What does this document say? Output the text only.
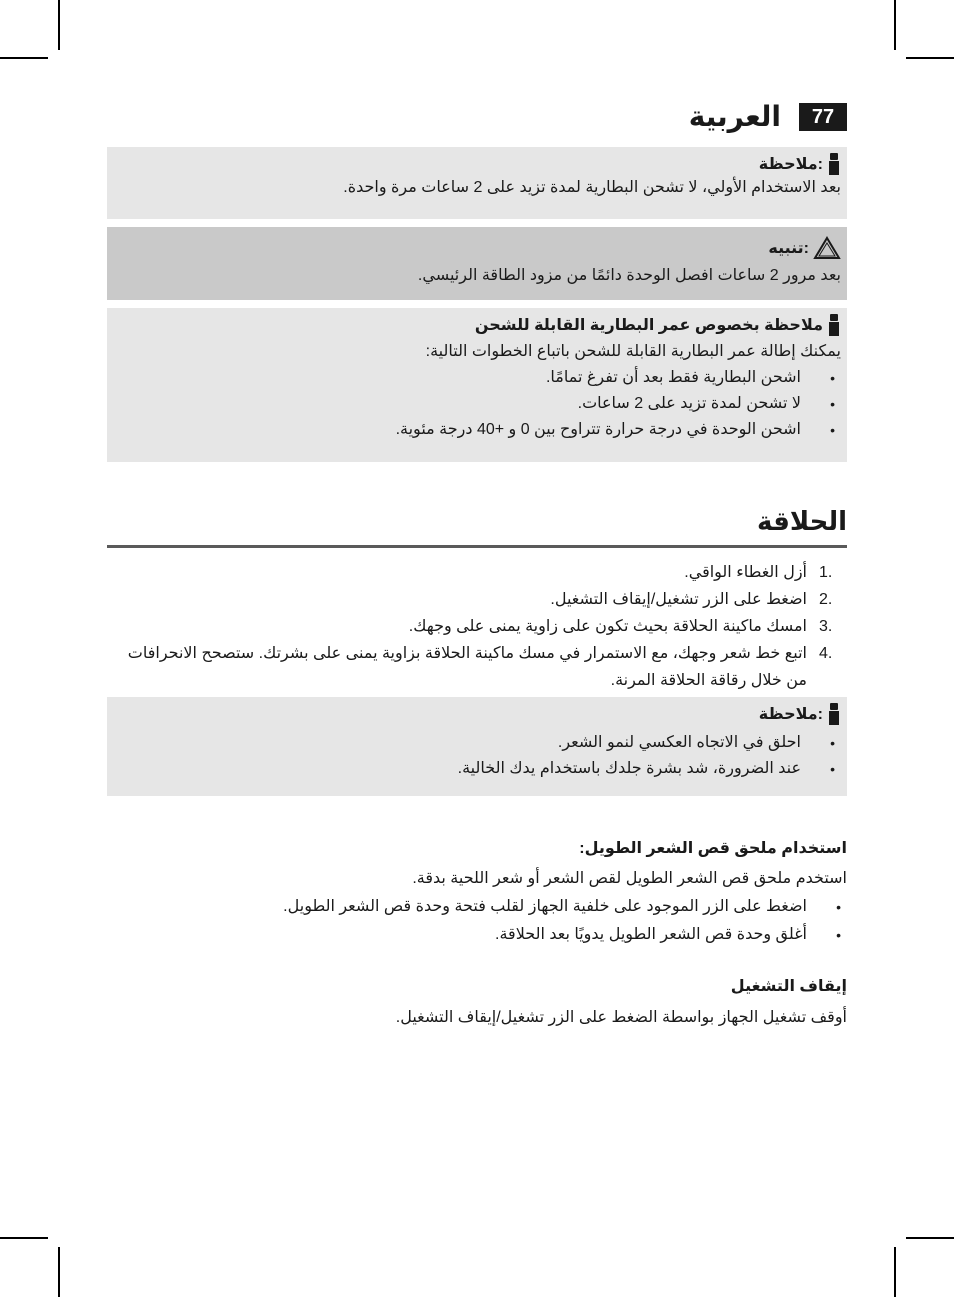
77
العربية
:ملاحظة
بعد الاستخدام الأولي، لا تشحن البطارية لمدة تزيد على 2 ساعات مرة واحدة.
:تنبيه
بعد مرور 2 ساعات افصل الوحدة دائمًا من مزود الطاقة الرئيسي.
ملاحظة بخصوص عمر البطارية القابلة للشحن
يمكنك إطالة عمر البطارية القابلة للشحن باتباع الخطوات التالية:
• اشحن البطارية فقط بعد أن تفرغ تمامًا.
• لا تشحن لمدة تزيد على 2 ساعات.
• اشحن الوحدة في درجة حرارة تتراوح بين 0 و +40 درجة مئوية.
الحلاقة
1.
أزل الغطاء الواقي.
2.
اضغط على الزر تشغيل/إيقاف التشغيل.
3.
امسك ماكينة الحلاقة بحيث تكون على زاوية يمنى على وجهك.
4.
اتبع خط شعر وجهك، مع الاستمرار في مسك ماكينة الحلاقة بزاوية يمنى على بشرتك. ستصحح الانحرافات من خلال رقاقة الحلاقة المرنة.
:ملاحظة
• احلق في الاتجاه العكسي لنمو الشعر.
• عند الضرورة، شد بشرة جلدك باستخدام يدك الخالية.
استخدام ملحق قص الشعر الطويل:
استخدم ملحق قص الشعر الطويل لقص الشعر أو شعر اللحية بدقة.
• اضغط على الزر الموجود على خلفية الجهاز لقلب فتحة وحدة قص الشعر الطويل.
• أغلق وحدة قص الشعر الطويل يدويًا بعد الحلاقة.
إيقاف التشغيل
أوقف تشغيل الجهاز بواسطة الضغط على الزر تشغيل/إيقاف التشغيل.
